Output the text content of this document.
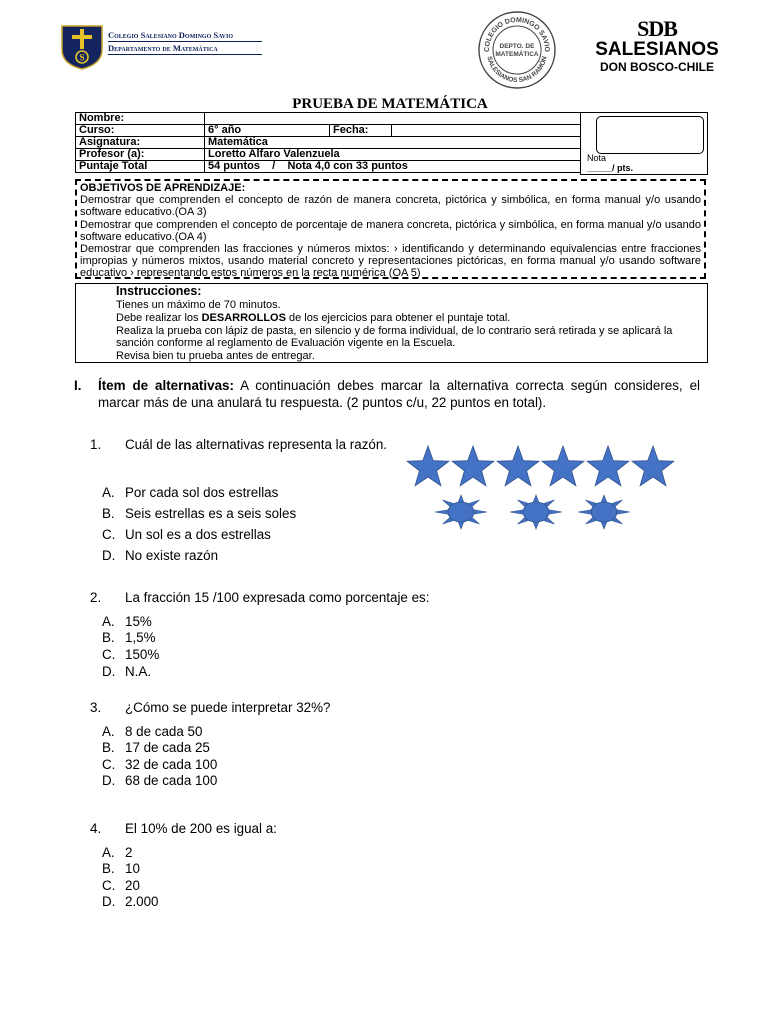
S
Colegio Salesiano Domingo Savio
Departamento de Matemática	COLEGIO DOMINGO SAVIO
SALESIANOS SAN RAMÓN
DEPTO. DE
MATEMÁTICA
SDB
SALESIANOS
DON BOSCO-CHILE
PRUEBA DE MATEMÁTICA
Nombre:			
Curso:	6° año	Fecha:	
Asignatura:	Matemática		
Profesor (a):	Loretto Alfaro Valenzuela		
Puntaje Total	54 puntos    /    Nota 4,0 con 33 puntos		
Nota
_____/ pts.

OBJETIVOS DE APRENDIZAJE:

Demostrar que comprenden el concepto de razón de manera concreta, pictórica y simbólica, en forma manual y/o usando software educativo.(OA 3)

Demostrar que comprenden el concepto de porcentaje de manera concreta, pictórica y simbólica, en forma manual y/o usando software educativo.(OA 4)

Demostrar que comprenden las fracciones y números mixtos: › identificando y determinando equivalencias entre fracciones impropias y números mixtos, usando material concreto y representaciones pictóricas, en forma manual y/o usando software educativo › representando estos números en la recta numérica (OA 5)

Instrucciones:

Tienes un máximo de 70 minutos.

Debe realizar los DESARROLLOS de los ejercicios para obtener el puntaje total.

Realiza la prueba con lápiz de pasta, en silencio y de forma individual, de lo contrario será retirada y se aplicará la sanción conforme al reglamento de Evaluación vigente en la Escuela.

Revisa bien tu prueba antes de entregar.

I. Ítem de alternativas: A continuación debes marcar la alternativa correcta según consideres, el marcar más de una anulará tu respuesta. (2 puntos c/u, 22 puntos en total).
1. Cuál de las alternativas representa la razón.
A. Por cada sol dos estrellas
B. Seis estrellas es a seis soles
C. Un sol es a dos estrellas
D. No existe razón
2. La fracción 15 /100 expresada como porcentaje es:
A. 15%
B. 1,5%
C. 150%
D. N.A.
3. ¿Cómo se puede interpretar 32%?
A. 8 de cada 50
B. 17 de cada 25
C. 32 de cada 100
D. 68 de cada 100
4. El 10% de 200 es igual a:
A. 2
B. 10
C. 20
D. 2.000
